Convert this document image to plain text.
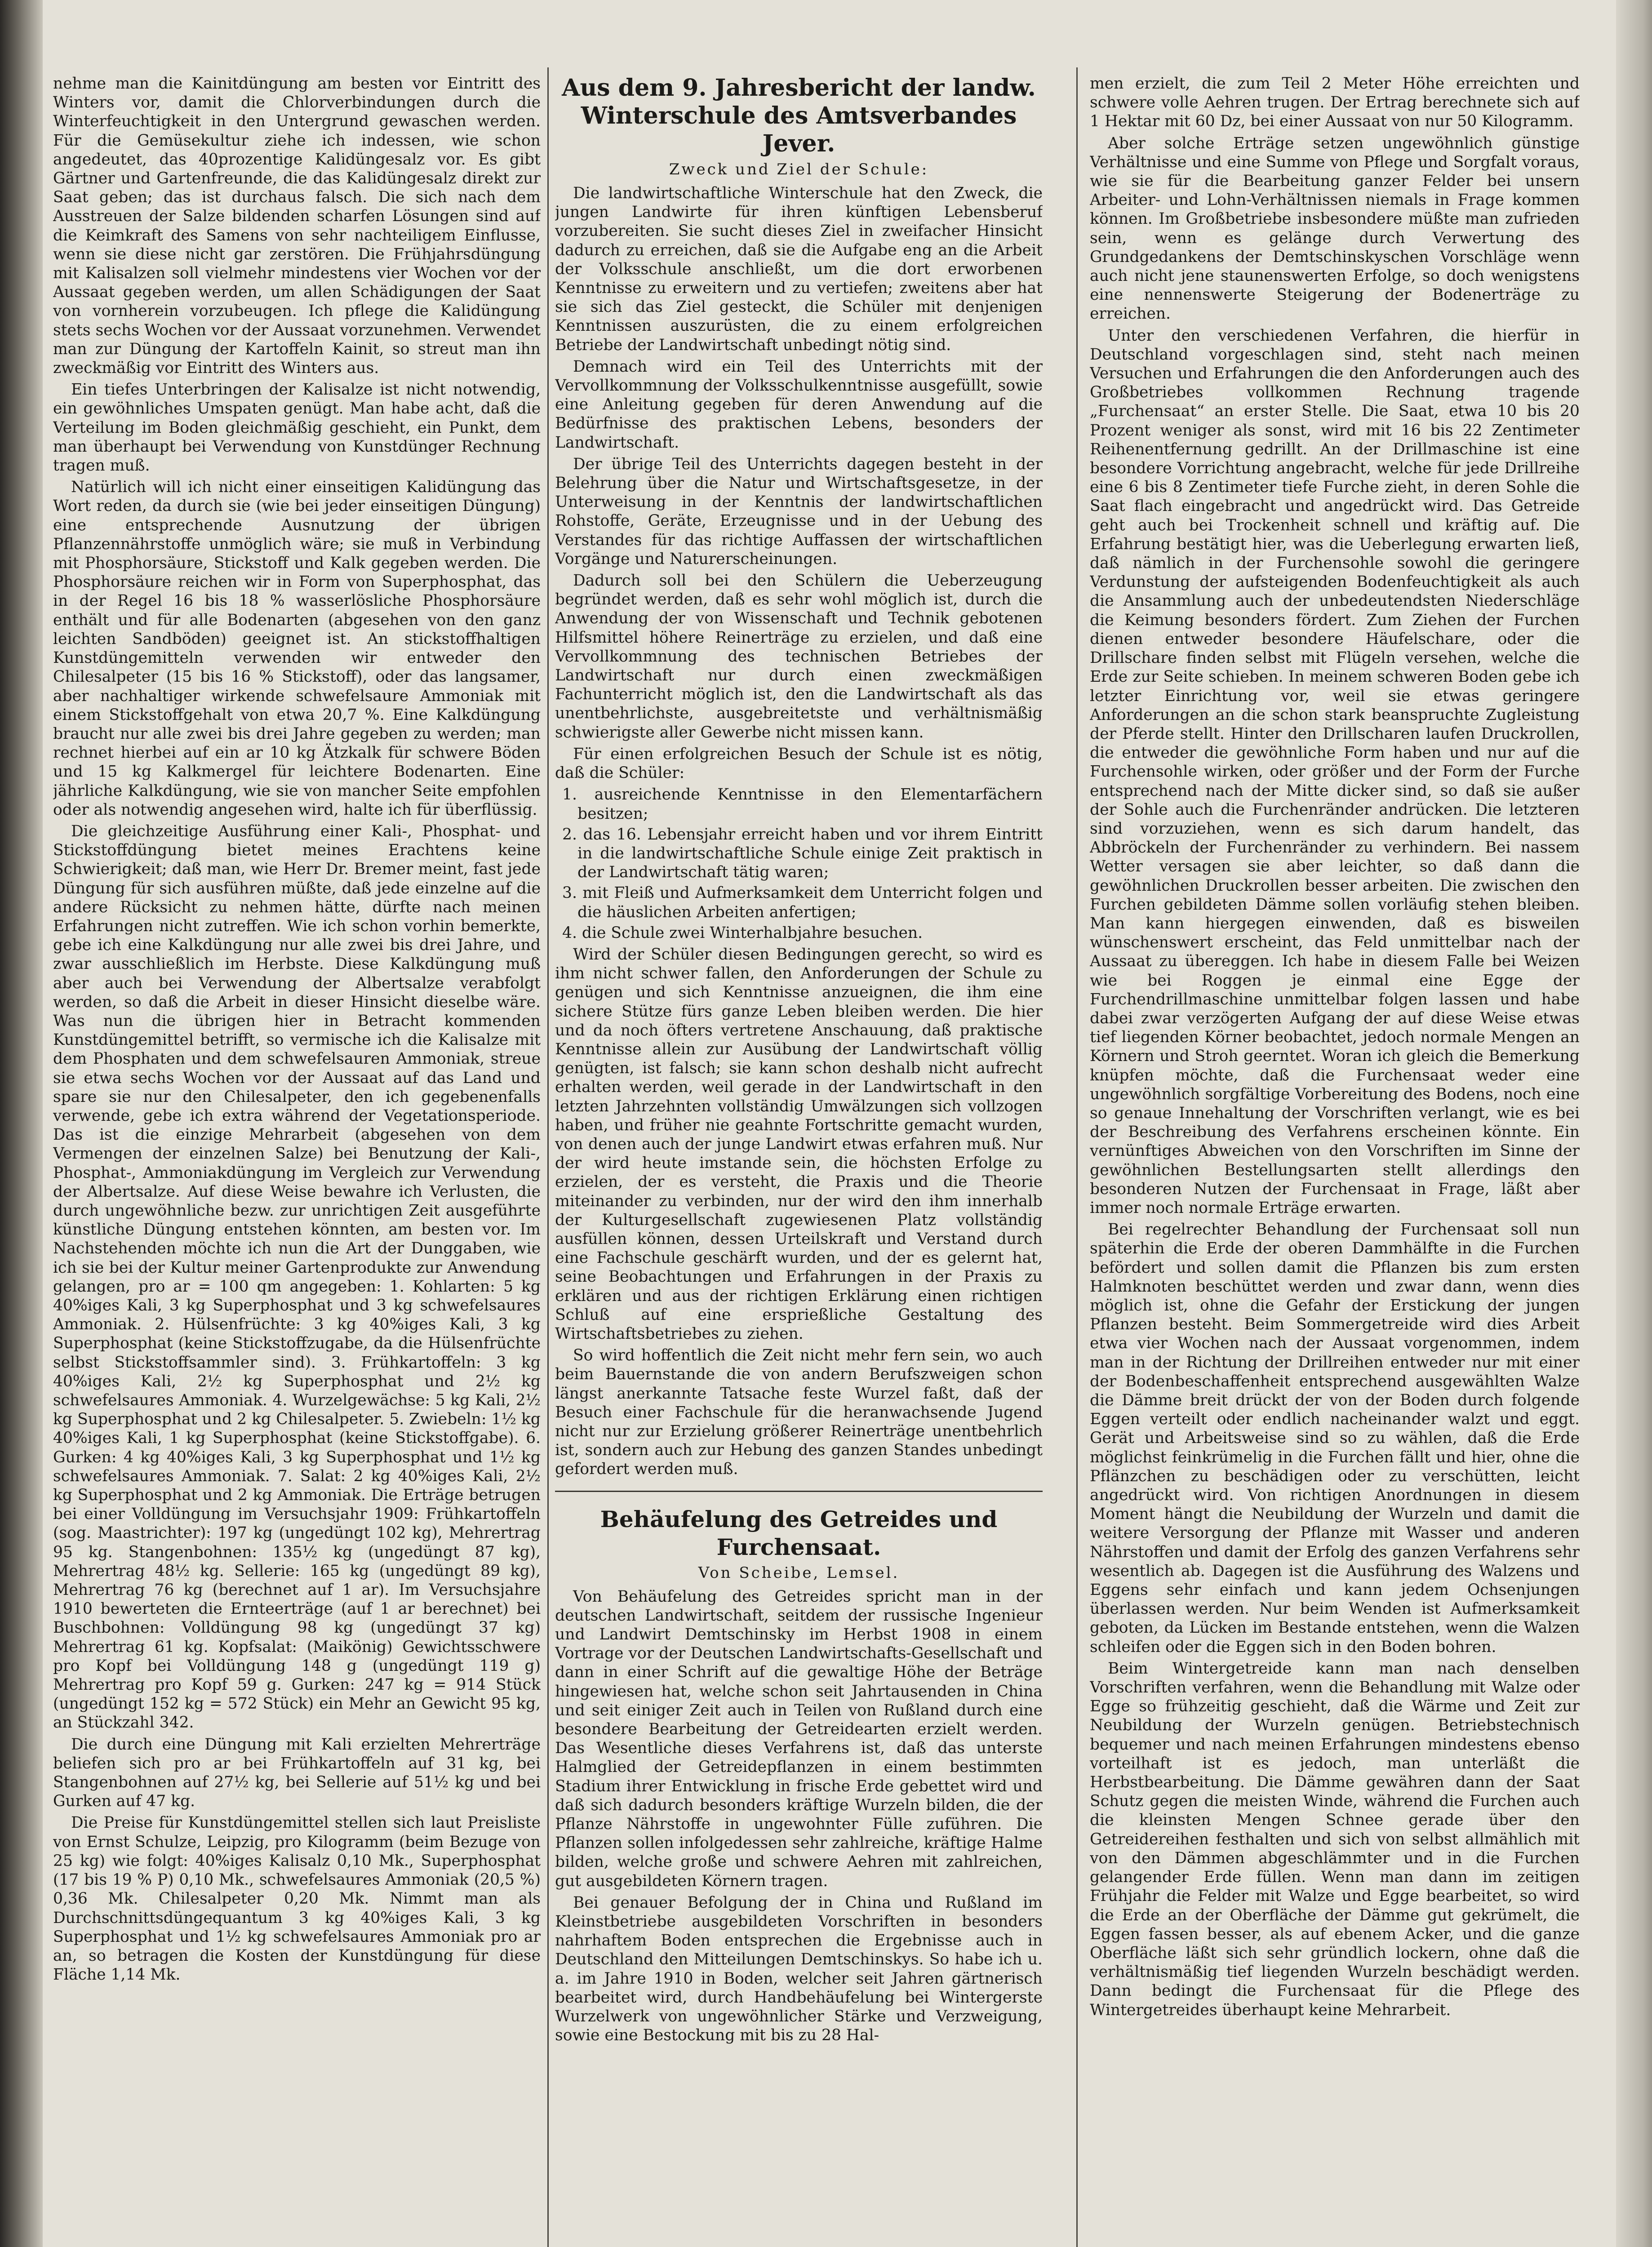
nehme man die Kainitdüngung am besten vor Eintritt des Winters vor, damit die Chlorverbindungen durch die Winterfeuchtigkeit in den Untergrund gewaschen werden. Für die Gemüsekultur ziehe ich indessen, wie schon angedeutet, das 40prozentige Kalidüngesalz vor. Es gibt Gärtner und Gartenfreunde, die das Kalidüngesalz direkt zur Saat geben; das ist durchaus falsch. Die sich nach dem Ausstreuen der Salze bildenden scharfen Lösungen sind auf die Keimkraft des Samens von sehr nachteiligem Einflusse, wenn sie diese nicht gar zerstören. Die Frühjahrsdüngung mit Kalisalzen soll vielmehr mindestens vier Wochen vor der Aussaat gegeben werden, um allen Schädigungen der Saat von vornherein vorzubeugen. Ich pflege die Kalidüngung stets sechs Wochen vor der Aussaat vorzunehmen. Verwendet man zur Düngung der Kartoffeln Kainit, so streut man ihn zweckmäßig vor Eintritt des Winters aus.

Ein tiefes Unterbringen der Kalisalze ist nicht notwendig, ein gewöhnliches Umspaten genügt. Man habe acht, daß die Verteilung im Boden gleichmäßig geschieht, ein Punkt, dem man überhaupt bei Verwendung von Kunstdünger Rechnung tragen muß.

Natürlich will ich nicht einer einseitigen Kalidüngung das Wort reden, da durch sie (wie bei jeder einseitigen Düngung) eine entsprechende Ausnutzung der übrigen Pflanzennährstoffe unmöglich wäre; sie muß in Verbindung mit Phosphorsäure, Stickstoff und Kalk gegeben werden. Die Phosphorsäure reichen wir in Form von Superphosphat, das in der Regel 16 bis 18 % wasserlösliche Phosphorsäure enthält und für alle Bodenarten (abgesehen von den ganz leichten Sandböden) geeignet ist. An stickstoffhaltigen Kunstdüngemitteln verwenden wir entweder den Chilesalpeter (15 bis 16 % Stickstoff), oder das langsamer, aber nachhaltiger wirkende schwefelsaure Ammoniak mit einem Stickstoffgehalt von etwa 20,7 %. Eine Kalkdüngung braucht nur alle zwei bis drei Jahre gegeben zu werden; man rechnet hierbei auf ein ar 10 kg Ätzkalk für schwere Böden und 15 kg Kalkmergel für leichtere Bodenarten. Eine jährliche Kalkdüngung, wie sie von mancher Seite empfohlen oder als notwendig angesehen wird, halte ich für überflüssig.

Die gleichzeitige Ausführung einer Kali-, Phosphat- und Stickstoffdüngung bietet meines Erachtens keine Schwierigkeit; daß man, wie Herr Dr. Bremer meint, fast jede Düngung für sich ausführen müßte, daß jede einzelne auf die andere Rücksicht zu nehmen hätte, dürfte nach meinen Erfahrungen nicht zutreffen. Wie ich schon vorhin bemerkte, gebe ich eine Kalkdüngung nur alle zwei bis drei Jahre, und zwar ausschließlich im Herbste. Diese Kalkdüngung muß aber auch bei Verwendung der Albertsalze verabfolgt werden, so daß die Arbeit in dieser Hinsicht dieselbe wäre. Was nun die übrigen hier in Betracht kommenden Kunstdüngemittel betrifft, so vermische ich die Kalisalze mit dem Phosphaten und dem schwefelsauren Ammoniak, streue sie etwa sechs Wochen vor der Aussaat auf das Land und spare sie nur den Chilesalpeter, den ich gegebenenfalls verwende, gebe ich extra während der Vegetationsperiode. Das ist die einzige Mehrarbeit (abgesehen von dem Vermengen der einzelnen Salze) bei Benutzung der Kali-, Phosphat-, Ammoniakdüngung im Vergleich zur Verwendung der Albertsalze. Auf diese Weise bewahre ich Verlusten, die durch ungewöhnliche bezw. zur unrichtigen Zeit ausgeführte künstliche Düngung entstehen könnten, am besten vor. Im Nachstehenden möchte ich nun die Art der Dunggaben, wie ich sie bei der Kultur meiner Gartenprodukte zur Anwendung gelangen, pro ar = 100 qm angegeben: 1. Kohlarten: 5 kg 40%iges Kali, 3 kg Superphosphat und 3 kg schwefelsaures Ammoniak. 2. Hülsenfrüchte: 3 kg 40%iges Kali, 3 kg Superphosphat (keine Stickstoffzugabe, da die Hülsenfrüchte selbst Stickstoffsammler sind). 3. Frühkartoffeln: 3 kg 40%iges Kali, 2½ kg Superphosphat und 2½ kg schwefelsaures Ammoniak. 4. Wurzelgewächse: 5 kg Kali, 2½ kg Superphosphat und 2 kg Chilesalpeter. 5. Zwiebeln: 1½ kg 40%iges Kali, 1 kg Superphosphat (keine Stickstoffgabe). 6. Gurken: 4 kg 40%iges Kali, 3 kg Superphosphat und 1½ kg schwefelsaures Ammoniak. 7. Salat: 2 kg 40%iges Kali, 2½ kg Superphosphat und 2 kg Ammoniak. Die Erträge betrugen bei einer Volldüngung im Versuchsjahr 1909: Frühkartoffeln (sog. Maastrichter): 197 kg (ungedüngt 102 kg), Mehrertrag 95 kg. Stangenbohnen: 135½ kg (ungedüngt 87 kg), Mehrertrag 48½ kg. Sellerie: 165 kg (ungedüngt 89 kg), Mehrertrag 76 kg (berechnet auf 1 ar). Im Versuchsjahre 1910 bewerteten die Ernteerträge (auf 1 ar berechnet) bei Buschbohnen: Volldüngung 98 kg (ungedüngt 37 kg) Mehrertrag 61 kg. Kopfsalat: (Maikönig) Gewichtsschwere pro Kopf bei Volldüngung 148 g (ungedüngt 119 g) Mehrertrag pro Kopf 59 g. Gurken: 247 kg = 914 Stück (ungedüngt 152 kg = 572 Stück) ein Mehr an Gewicht 95 kg, an Stückzahl 342.

Die durch eine Düngung mit Kali erzielten Mehrerträge beliefen sich pro ar bei Frühkartoffeln auf 31 kg, bei Stangenbohnen auf 27½ kg, bei Sellerie auf 51½ kg und bei Gurken auf 47 kg.

Die Preise für Kunstdüngemittel stellen sich laut Preisliste von Ernst Schulze, Leipzig, pro Kilogramm (beim Bezuge von 25 kg) wie folgt: 40%iges Kalisalz 0,10 Mk., Superphosphat (17 bis 19 % P) 0,10 Mk., schwefelsaures Ammoniak (20,5 %) 0,36 Mk. Chilesalpeter 0,20 Mk. Nimmt man als Durchschnittsdüngequantum 3 kg 40%iges Kali, 3 kg Superphosphat und 1½ kg schwefelsaures Ammoniak pro ar an, so betragen die Kosten der Kunstdüngung für diese Fläche 1,14 Mk.

Aus dem 9. Jahresbericht der landw. Winterschule des Amtsverbandes Jever.
Zweck und Ziel der Schule:

Die landwirtschaftliche Winterschule hat den Zweck, die jungen Landwirte für ihren künftigen Lebensberuf vorzubereiten. Sie sucht dieses Ziel in zweifacher Hinsicht dadurch zu erreichen, daß sie die Aufgabe eng an die Arbeit der Volksschule anschließt, um die dort erworbenen Kenntnisse zu erweitern und zu vertiefen; zweitens aber hat sie sich das Ziel gesteckt, die Schüler mit denjenigen Kenntnissen auszurüsten, die zu einem erfolgreichen Betriebe der Landwirtschaft unbedingt nötig sind.

Demnach wird ein Teil des Unterrichts mit der Vervollkommnung der Volksschulkenntnisse ausgefüllt, sowie eine Anleitung gegeben für deren Anwendung auf die Bedürfnisse des praktischen Lebens, besonders der Landwirtschaft.

Der übrige Teil des Unterrichts dagegen besteht in der Belehrung über die Natur und Wirtschaftsgesetze, in der Unterweisung in der Kenntnis der landwirtschaftlichen Rohstoffe, Geräte, Erzeugnisse und in der Uebung des Verstandes für das richtige Auffassen der wirtschaftlichen Vorgänge und Naturerscheinungen.

Dadurch soll bei den Schülern die Ueberzeugung begründet werden, daß es sehr wohl möglich ist, durch die Anwendung der von Wissenschaft und Technik gebotenen Hilfsmittel höhere Reinerträge zu erzielen, und daß eine Vervollkommnung des technischen Betriebes der Landwirtschaft nur durch einen zweckmäßigen Fachunterricht möglich ist, den die Landwirtschaft als das unentbehrlichste, ausgebreitetste und verhältnismäßig schwierigste aller Gewerbe nicht missen kann.

Für einen erfolgreichen Besuch der Schule ist es nötig, daß die Schüler:

1. ausreichende Kenntnisse in den Elementarfächern besitzen;
2. das 16. Lebensjahr erreicht haben und vor ihrem Eintritt in die landwirtschaftliche Schule einige Zeit praktisch in der Landwirtschaft tätig waren;
3. mit Fleiß und Aufmerksamkeit dem Unterricht folgen und die häuslichen Arbeiten anfertigen;
4. die Schule zwei Winterhalbjahre besuchen.

Wird der Schüler diesen Bedingungen gerecht, so wird es ihm nicht schwer fallen, den Anforderungen der Schule zu genügen und sich Kenntnisse anzueignen, die ihm eine sichere Stütze fürs ganze Leben bleiben werden. Die hier und da noch öfters vertretene Anschauung, daß praktische Kenntnisse allein zur Ausübung der Landwirtschaft völlig genügten, ist falsch; sie kann schon deshalb nicht aufrecht erhalten werden, weil gerade in der Landwirtschaft in den letzten Jahrzehnten vollständig Umwälzungen sich vollzogen haben, und früher nie geahnte Fortschritte gemacht wurden, von denen auch der junge Landwirt etwas erfahren muß. Nur der wird heute imstande sein, die höchsten Erfolge zu erzielen, der es versteht, die Praxis und die Theorie miteinander zu verbinden, nur der wird den ihm innerhalb der Kulturgesellschaft zugewiesenen Platz vollständig ausfüllen können, dessen Urteilskraft und Verstand durch eine Fachschule geschärft wurden, und der es gelernt hat, seine Beobachtungen und Erfahrungen in der Praxis zu erklären und aus der richtigen Erklärung einen richtigen Schluß auf eine ersprießliche Gestaltung des Wirtschaftsbetriebes zu ziehen.

So wird hoffentlich die Zeit nicht mehr fern sein, wo auch beim Bauernstande die von andern Berufszweigen schon längst anerkannte Tatsache feste Wurzel faßt, daß der Besuch einer Fachschule für die heranwachsende Jugend nicht nur zur Erzielung größerer Reinerträge unentbehrlich ist, sondern auch zur Hebung des ganzen Standes unbedingt gefordert werden muß.

Behäufelung des Getreides und Furchensaat.
Von Scheibe, Lemsel.

Von Behäufelung des Getreides spricht man in der deutschen Landwirtschaft, seitdem der russische Ingenieur und Landwirt Demtschinsky im Herbst 1908 in einem Vortrage vor der Deutschen Landwirtschafts-Gesellschaft und dann in einer Schrift auf die gewaltige Höhe der Beträge hingewiesen hat, welche schon seit Jahrtausenden in China und seit einiger Zeit auch in Teilen von Rußland durch eine besondere Bearbeitung der Getreidearten erzielt werden. Das Wesentliche dieses Verfahrens ist, daß das unterste Halmglied der Getreidepflanzen in einem bestimmten Stadium ihrer Entwicklung in frische Erde gebettet wird und daß sich dadurch besonders kräftige Wurzeln bilden, die der Pflanze Nährstoffe in ungewohnter Fülle zuführen. Die Pflanzen sollen infolgedessen sehr zahlreiche, kräftige Halme bilden, welche große und schwere Aehren mit zahlreichen, gut ausgebildeten Körnern tragen.

Bei genauer Befolgung der in China und Rußland im Kleinstbetriebe ausgebildeten Vorschriften in besonders nahrhaftem Boden entsprechen die Ergebnisse auch in Deutschland den Mitteilungen Demtschinskys. So habe ich u. a. im Jahre 1910 in Boden, welcher seit Jahren gärtnerisch bearbeitet wird, durch Handbehäufelung bei Wintergerste Wurzelwerk von ungewöhnlicher Stärke und Verzweigung, sowie eine Bestockung mit bis zu 28 Hal-

men erzielt, die zum Teil 2 Meter Höhe erreichten und schwere volle Aehren trugen. Der Ertrag berechnete sich auf 1 Hektar mit 60 Dz, bei einer Aussaat von nur 50 Kilogramm.

Aber solche Erträge setzen ungewöhnlich günstige Verhältnisse und eine Summe von Pflege und Sorgfalt voraus, wie sie für die Bearbeitung ganzer Felder bei unsern Arbeiter- und Lohn-Verhältnissen niemals in Frage kommen können. Im Großbetriebe insbesondere müßte man zufrieden sein, wenn es gelänge durch Verwertung des Grundgedankens der Demtschinskyschen Vorschläge wenn auch nicht jene staunenswerten Erfolge, so doch wenigstens eine nennenswerte Steigerung der Bodenerträge zu erreichen.

Unter den verschiedenen Verfahren, die hierfür in Deutschland vorgeschlagen sind, steht nach meinen Versuchen und Erfahrungen die den Anforderungen auch des Großbetriebes vollkommen Rechnung tragende „Furchensaat“ an erster Stelle. Die Saat, etwa 10 bis 20 Prozent weniger als sonst, wird mit 16 bis 22 Zentimeter Reihenentfernung gedrillt. An der Drillmaschine ist eine besondere Vorrichtung angebracht, welche für jede Drillreihe eine 6 bis 8 Zentimeter tiefe Furche zieht, in deren Sohle die Saat flach eingebracht und angedrückt wird. Das Getreide geht auch bei Trockenheit schnell und kräftig auf. Die Erfahrung bestätigt hier, was die Ueberlegung erwarten ließ, daß nämlich in der Furchensohle sowohl die geringere Verdunstung der aufsteigenden Bodenfeuchtigkeit als auch die Ansammlung auch der unbedeutendsten Niederschläge die Keimung besonders fördert. Zum Ziehen der Furchen dienen entweder besondere Häufelschare, oder die Drillschare finden selbst mit Flügeln versehen, welche die Erde zur Seite schieben. In meinem schweren Boden gebe ich letzter Einrichtung vor, weil sie etwas geringere Anforderungen an die schon stark beanspruchte Zugleistung der Pferde stellt. Hinter den Drillscharen laufen Druckrollen, die entweder die gewöhnliche Form haben und nur auf die Furchensohle wirken, oder größer und der Form der Furche entsprechend nach der Mitte dicker sind, so daß sie außer der Sohle auch die Furchenränder andrücken. Die letzteren sind vorzuziehen, wenn es sich darum handelt, das Abbröckeln der Furchenränder zu verhindern. Bei nassem Wetter versagen sie aber leichter, so daß dann die gewöhnlichen Druckrollen besser arbeiten. Die zwischen den Furchen gebildeten Dämme sollen vorläufig stehen bleiben. Man kann hiergegen einwenden, daß es bisweilen wünschenswert erscheint, das Feld unmittelbar nach der Aussaat zu übereggen. Ich habe in diesem Falle bei Weizen wie bei Roggen je einmal eine Egge der Furchendrillmaschine unmittelbar folgen lassen und habe dabei zwar verzögerten Aufgang der auf diese Weise etwas tief liegenden Körner beobachtet, jedoch normale Mengen an Körnern und Stroh geerntet. Woran ich gleich die Bemerkung knüpfen möchte, daß die Furchensaat weder eine ungewöhnlich sorgfältige Vorbereitung des Bodens, noch eine so genaue Innehaltung der Vorschriften verlangt, wie es bei der Beschreibung des Verfahrens erscheinen könnte. Ein vernünftiges Abweichen von den Vorschriften im Sinne der gewöhnlichen Bestellungsarten stellt allerdings den besonderen Nutzen der Furchensaat in Frage, läßt aber immer noch normale Erträge erwarten.

Bei regelrechter Behandlung der Furchensaat soll nun späterhin die Erde der oberen Dammhälfte in die Furchen befördert und sollen damit die Pflanzen bis zum ersten Halmknoten beschüttet werden und zwar dann, wenn dies möglich ist, ohne die Gefahr der Erstickung der jungen Pflanzen besteht. Beim Sommergetreide wird dies Arbeit etwa vier Wochen nach der Aussaat vorgenommen, indem man in der Richtung der Drillreihen entweder nur mit einer der Bodenbeschaffenheit entsprechend ausgewählten Walze die Dämme breit drückt der von der Boden durch folgende Eggen verteilt oder endlich nacheinander walzt und eggt. Gerät und Arbeitsweise sind so zu wählen, daß die Erde möglichst feinkrümelig in die Furchen fällt und hier, ohne die Pflänzchen zu beschädigen oder zu verschütten, leicht angedrückt wird. Von richtigen Anordnungen in diesem Moment hängt die Neubildung der Wurzeln und damit die weitere Versorgung der Pflanze mit Wasser und anderen Nährstoffen und damit der Erfolg des ganzen Verfahrens sehr wesentlich ab. Dagegen ist die Ausführung des Walzens und Eggens sehr einfach und kann jedem Ochsenjungen überlassen werden. Nur beim Wenden ist Aufmerksamkeit geboten, da Lücken im Bestande entstehen, wenn die Walzen schleifen oder die Eggen sich in den Boden bohren.

Beim Wintergetreide kann man nach denselben Vorschriften verfahren, wenn die Behandlung mit Walze oder Egge so frühzeitig geschieht, daß die Wärme und Zeit zur Neubildung der Wurzeln genügen. Betriebstechnisch bequemer und nach meinen Erfahrungen mindestens ebenso vorteilhaft ist es jedoch, man unterläßt die Herbstbearbeitung. Die Dämme gewähren dann der Saat Schutz gegen die meisten Winde, während die Furchen auch die kleinsten Mengen Schnee gerade über den Getreidereihen festhalten und sich von selbst allmählich mit von den Dämmen abgeschlämmter und in die Furchen gelangender Erde füllen. Wenn man dann im zeitigen Frühjahr die Felder mit Walze und Egge bearbeitet, so wird die Erde an der Oberfläche der Dämme gut gekrümelt, die Eggen fassen besser, als auf ebenem Acker, und die ganze Oberfläche läßt sich sehr gründlich lockern, ohne daß die verhältnismäßig tief liegenden Wurzeln beschädigt werden. Dann bedingt die Furchensaat für die Pflege des Wintergetreides überhaupt keine Mehrarbeit.
